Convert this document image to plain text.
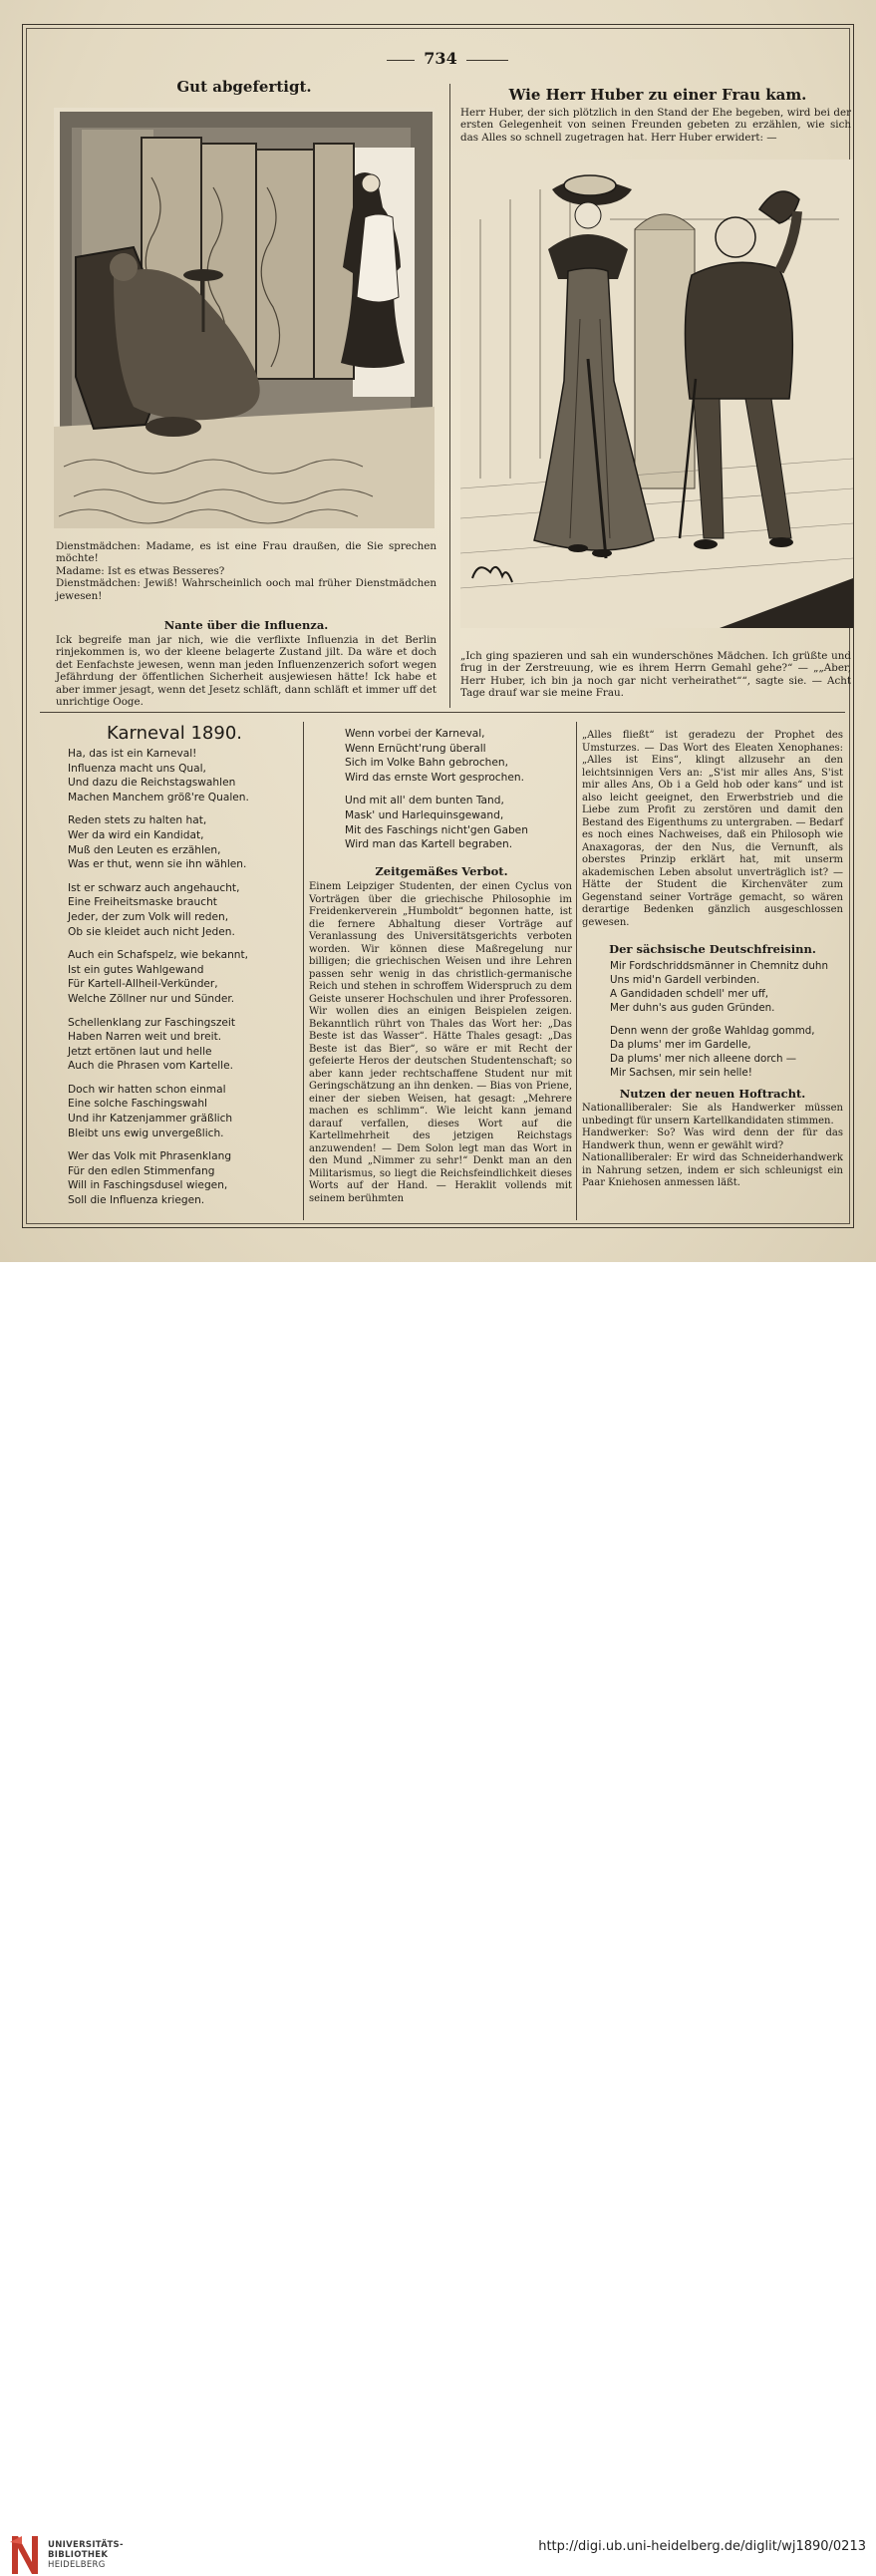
734
Gut abgefertigt.
Dienstmädchen: Madame, es ist eine Frau draußen, die Sie sprechen möchte!
Madame: Ist es etwas Besseres?
Dienstmädchen: Jewiß! Wahrscheinlich ooch mal früher Dienstmädchen jewesen!
Nante über die Influenza.
Ick begreife man jar nich, wie die verflixte Influenzia in det Berlin rinjekommen is, wo der kleene belagerte Zustand jilt. Da wäre et doch det Eenfachste jewesen, wenn man jeden Influenzenzerich sofort wegen Jefährdung der öffentlichen Sicherheit ausjewiesen hätte! Ick habe et aber immer jesagt, wenn det Jesetz schläft, dann schläft et immer uff det unrichtige Ooge.
Wie Herr Huber zu einer Frau kam.
Herr Huber, der sich plötzlich in den Stand der Ehe begeben, wird bei der ersten Gelegenheit von seinen Freunden gebeten zu erzählen, wie sich das Alles so schnell zugetragen hat. Herr Huber erwidert: —
„Ich ging spazieren und sah ein wunderschönes Mädchen. Ich grüßte und frug in der Zerstreuung, wie es ihrem Herrn Gemahl gehe?“ — „„Aber, Herr Huber, ich bin ja noch gar nicht verheirathet““, sagte sie. — Acht Tage drauf war sie meine Frau.
Karneval 1890.
Ha, das ist ein Karneval!
Influenza macht uns Qual,
Und dazu die Reichstagswahlen
Machen Manchem größ're Qualen.
Reden stets zu halten hat,
Wer da wird ein Kandidat,
Muß den Leuten es erzählen,
Was er thut, wenn sie ihn wählen.
Ist er schwarz auch angehaucht,
Eine Freiheitsmaske braucht
Jeder, der zum Volk will reden,
Ob sie kleidet auch nicht Jeden.
Auch ein Schafspelz, wie bekannt,
Ist ein gutes Wahlgewand
Für Kartell-Allheil-Verkünder,
Welche Zöllner nur und Sünder.
Schellenklang zur Faschingszeit
Haben Narren weit und breit.
Jetzt ertönen laut und helle
Auch die Phrasen vom Kartelle.
Doch wir hatten schon einmal
Eine solche Faschingswahl
Und ihr Katzenjammer gräßlich
Bleibt uns ewig unvergeßlich.
Wer das Volk mit Phrasenklang
Für den edlen Stimmenfang
Will in Faschingsdusel wiegen,
Soll die Influenza kriegen.
Wenn vorbei der Karneval,
Wenn Ernücht'rung überall
Sich im Volke Bahn gebrochen,
Wird das ernste Wort gesprochen.
Und mit all' dem bunten Tand,
Mask' und Harlequinsgewand,
Mit des Faschings nicht'gen Gaben
Wird man das Kartell begraben.
Zeitgemäßes Verbot.
Einem Leipziger Studenten, der einen Cyclus von Vorträgen über die griechische Philosophie im Freidenkerverein „Humboldt“ begonnen hatte, ist die fernere Abhaltung dieser Vorträge auf Veranlassung des Universitätsgerichts verboten worden. Wir können diese Maßregelung nur billigen; die griechischen Weisen und ihre Lehren passen sehr wenig in das christlich-germanische Reich und stehen in schroffem Widerspruch zu dem Geiste unserer Hochschulen und ihrer Professoren. Wir wollen dies an einigen Beispielen zeigen. Bekanntlich rührt von Thales das Wort her: „Das Beste ist das Wasser“. Hätte Thales gesagt: „Das Beste ist das Bier“, so wäre er mit Recht der gefeierte Heros der deutschen Studentenschaft; so aber kann jeder rechtschaffene Student nur mit Geringschätzung an ihn denken. — Bias von Priene, einer der sieben Weisen, hat gesagt: „Mehrere machen es schlimm“. Wie leicht kann jemand darauf verfallen, dieses Wort auf die Kartellmehrheit des jetzigen Reichstags anzuwenden! — Dem Solon legt man das Wort in den Mund „Nimmer zu sehr!“ Denkt man an den Militarismus, so liegt die Reichsfeindlichkeit dieses Worts auf der Hand. — Heraklit vollends mit seinem berühmten
„Alles fließt“ ist geradezu der Prophet des Umsturzes. — Das Wort des Eleaten Xenophanes: „Alles ist Eins“, klingt allzusehr an den leichtsinnigen Vers an: „S'ist mir alles Ans, S'ist mir alles Ans, Ob i a Geld hob oder kans“ und ist also leicht geeignet, den Erwerbstrieb und die Liebe zum Profit zu zerstören und damit den Bestand des Eigenthums zu untergraben. — Bedarf es noch eines Nachweises, daß ein Philosoph wie Anaxagoras, der den Nus, die Vernunft, als oberstes Prinzip erklärt hat, mit unserm akademischen Leben absolut unverträglich ist? — Hätte der Student die Kirchenväter zum Gegenstand seiner Vorträge gemacht, so wären derartige Bedenken gänzlich ausgeschlossen gewesen.
Der sächsische Deutschfreisinn.
Mir Fordschriddsmänner in Chemnitz duhn
Uns mid'n Gardell verbinden.
A Gandidaden schdell' mer uff,
Mer duhn's aus guden Gründen.
Denn wenn der große Wahldag gommd,
Da plums' mer im Gardelle,
Da plums' mer nich alleene dorch —
Mir Sachsen, mir sein helle!
Nutzen der neuen Hoftracht.
Nationalliberaler: Sie als Handwerker müssen unbedingt für unsern Kartellkandidaten stimmen.
Handwerker: So? Was wird denn der für das Handwerk thun, wenn er gewählt wird?
Nationalliberaler: Er wird das Schneiderhandwerk in Nahrung setzen, indem er sich schleunigst ein Paar Kniehosen anmessen läßt.
UNIVERSITÄTS-
BIBLIOTHEK
HEIDELBERG
http://digi.ub.uni-heidelberg.de/diglit/wj1890/0213
